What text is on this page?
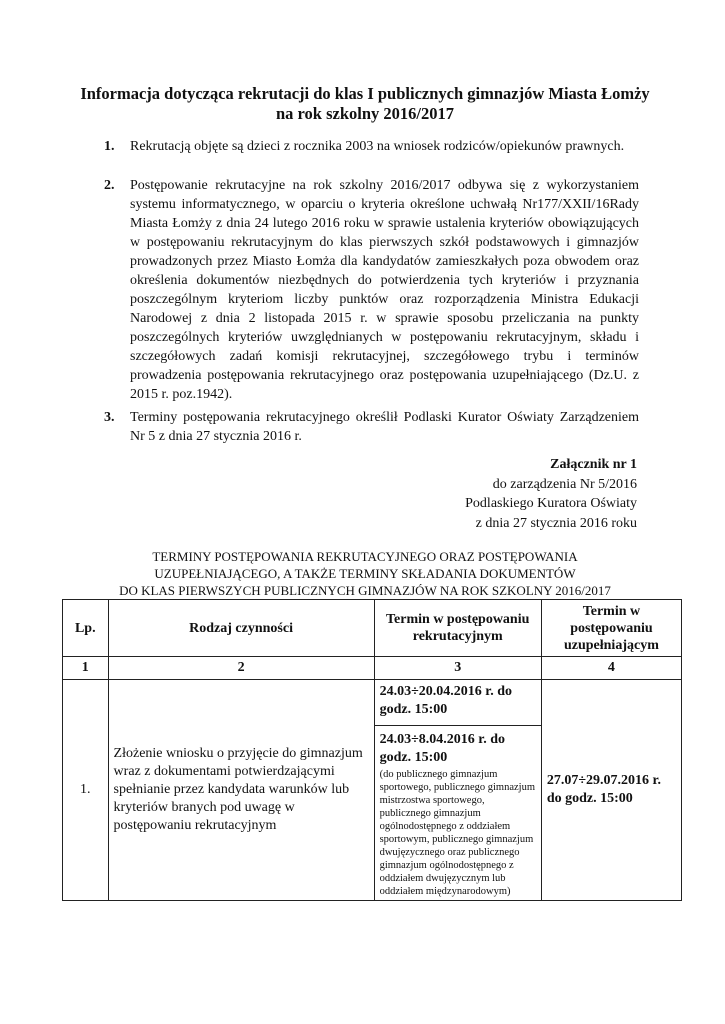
Informacja dotycząca rekrutacji do klas I publicznych gimnazjów Miasta Łomży na rok szkolny 2016/2017
1. Rekrutacją objęte są dzieci z rocznika 2003 na wniosek rodziców/opiekunów prawnych.
2. Postępowanie rekrutacyjne na rok szkolny 2016/2017 odbywa się z wykorzystaniem systemu informatycznego, w oparciu o kryteria określone uchwałą Nr177/XXII/16Rady Miasta Łomży z dnia 24 lutego 2016 roku w sprawie ustalenia kryteriów obowiązujących w postępowaniu rekrutacyjnym do klas pierwszych szkół podstawowych i gimnazjów prowadzonych przez Miasto Łomża dla kandydatów zamieszkałych poza obwodem oraz określenia dokumentów niezbędnych do potwierdzenia tych kryteriów i przyznania poszczególnym kryteriom liczby punktów oraz rozporządzenia Ministra Edukacji Narodowej z dnia 2 listopada 2015 r. w sprawie sposobu przeliczania na punkty poszczególnych kryteriów uwzględnianych w postępowaniu rekrutacyjnym, składu i szczegółowych zadań komisji rekrutacyjnej, szczegółowego trybu i terminów prowadzenia postępowania rekrutacyjnego oraz postępowania uzupełniającego (Dz.U. z 2015 r. poz.1942).
3. Terminy postępowania rekrutacyjnego określił Podlaski Kurator Oświaty Zarządzeniem Nr 5 z dnia 27 stycznia 2016 r.
Załącznik nr 1
do zarządzenia Nr 5/2016
Podlaskiego Kuratora Oświaty
z dnia 27 stycznia 2016 roku
TERMINY POSTĘPOWANIA REKRUTACYJNEGO ORAZ POSTĘPOWANIA
UZUPEŁNIAJĄCEGO, A TAKŻE TERMINY SKŁADANIA DOKUMENTÓW
DO KLAS PIERWSZYCH PUBLICZNYCH GIMNAZJÓW NA ROK SZKOLNY 2016/2017
Lp.	Rodzaj czynności	Termin w postępowaniu rekrutacyjnym	Termin w postępowaniu uzupełniającym
1	2	3	4
1.	Złożenie wniosku o przyjęcie do gimnazjum wraz z dokumentami potwierdzającymi spełnianie przez kandydata warunków lub kryteriów branych pod uwagę w postępowaniu rekrutacyjnym	24.03÷20.04.2016 r. do godz. 15:00	27.07÷29.07.2016 r. do godz. 15:00

		24.03÷8.04.2016 r. do godz. 15:00
(do publicznego gimnazjum sportowego, publicznego gimnazjum mistrzostwa sportowego, publicznego gimnazjum ogólnodostępnego z oddziałem sportowym, publicznego gimnazjum dwujęzycznego oraz publicznego gimnazjum ogólnodostępnego z oddziałem dwujęzycznym lub oddziałem międzynarodowym)	
